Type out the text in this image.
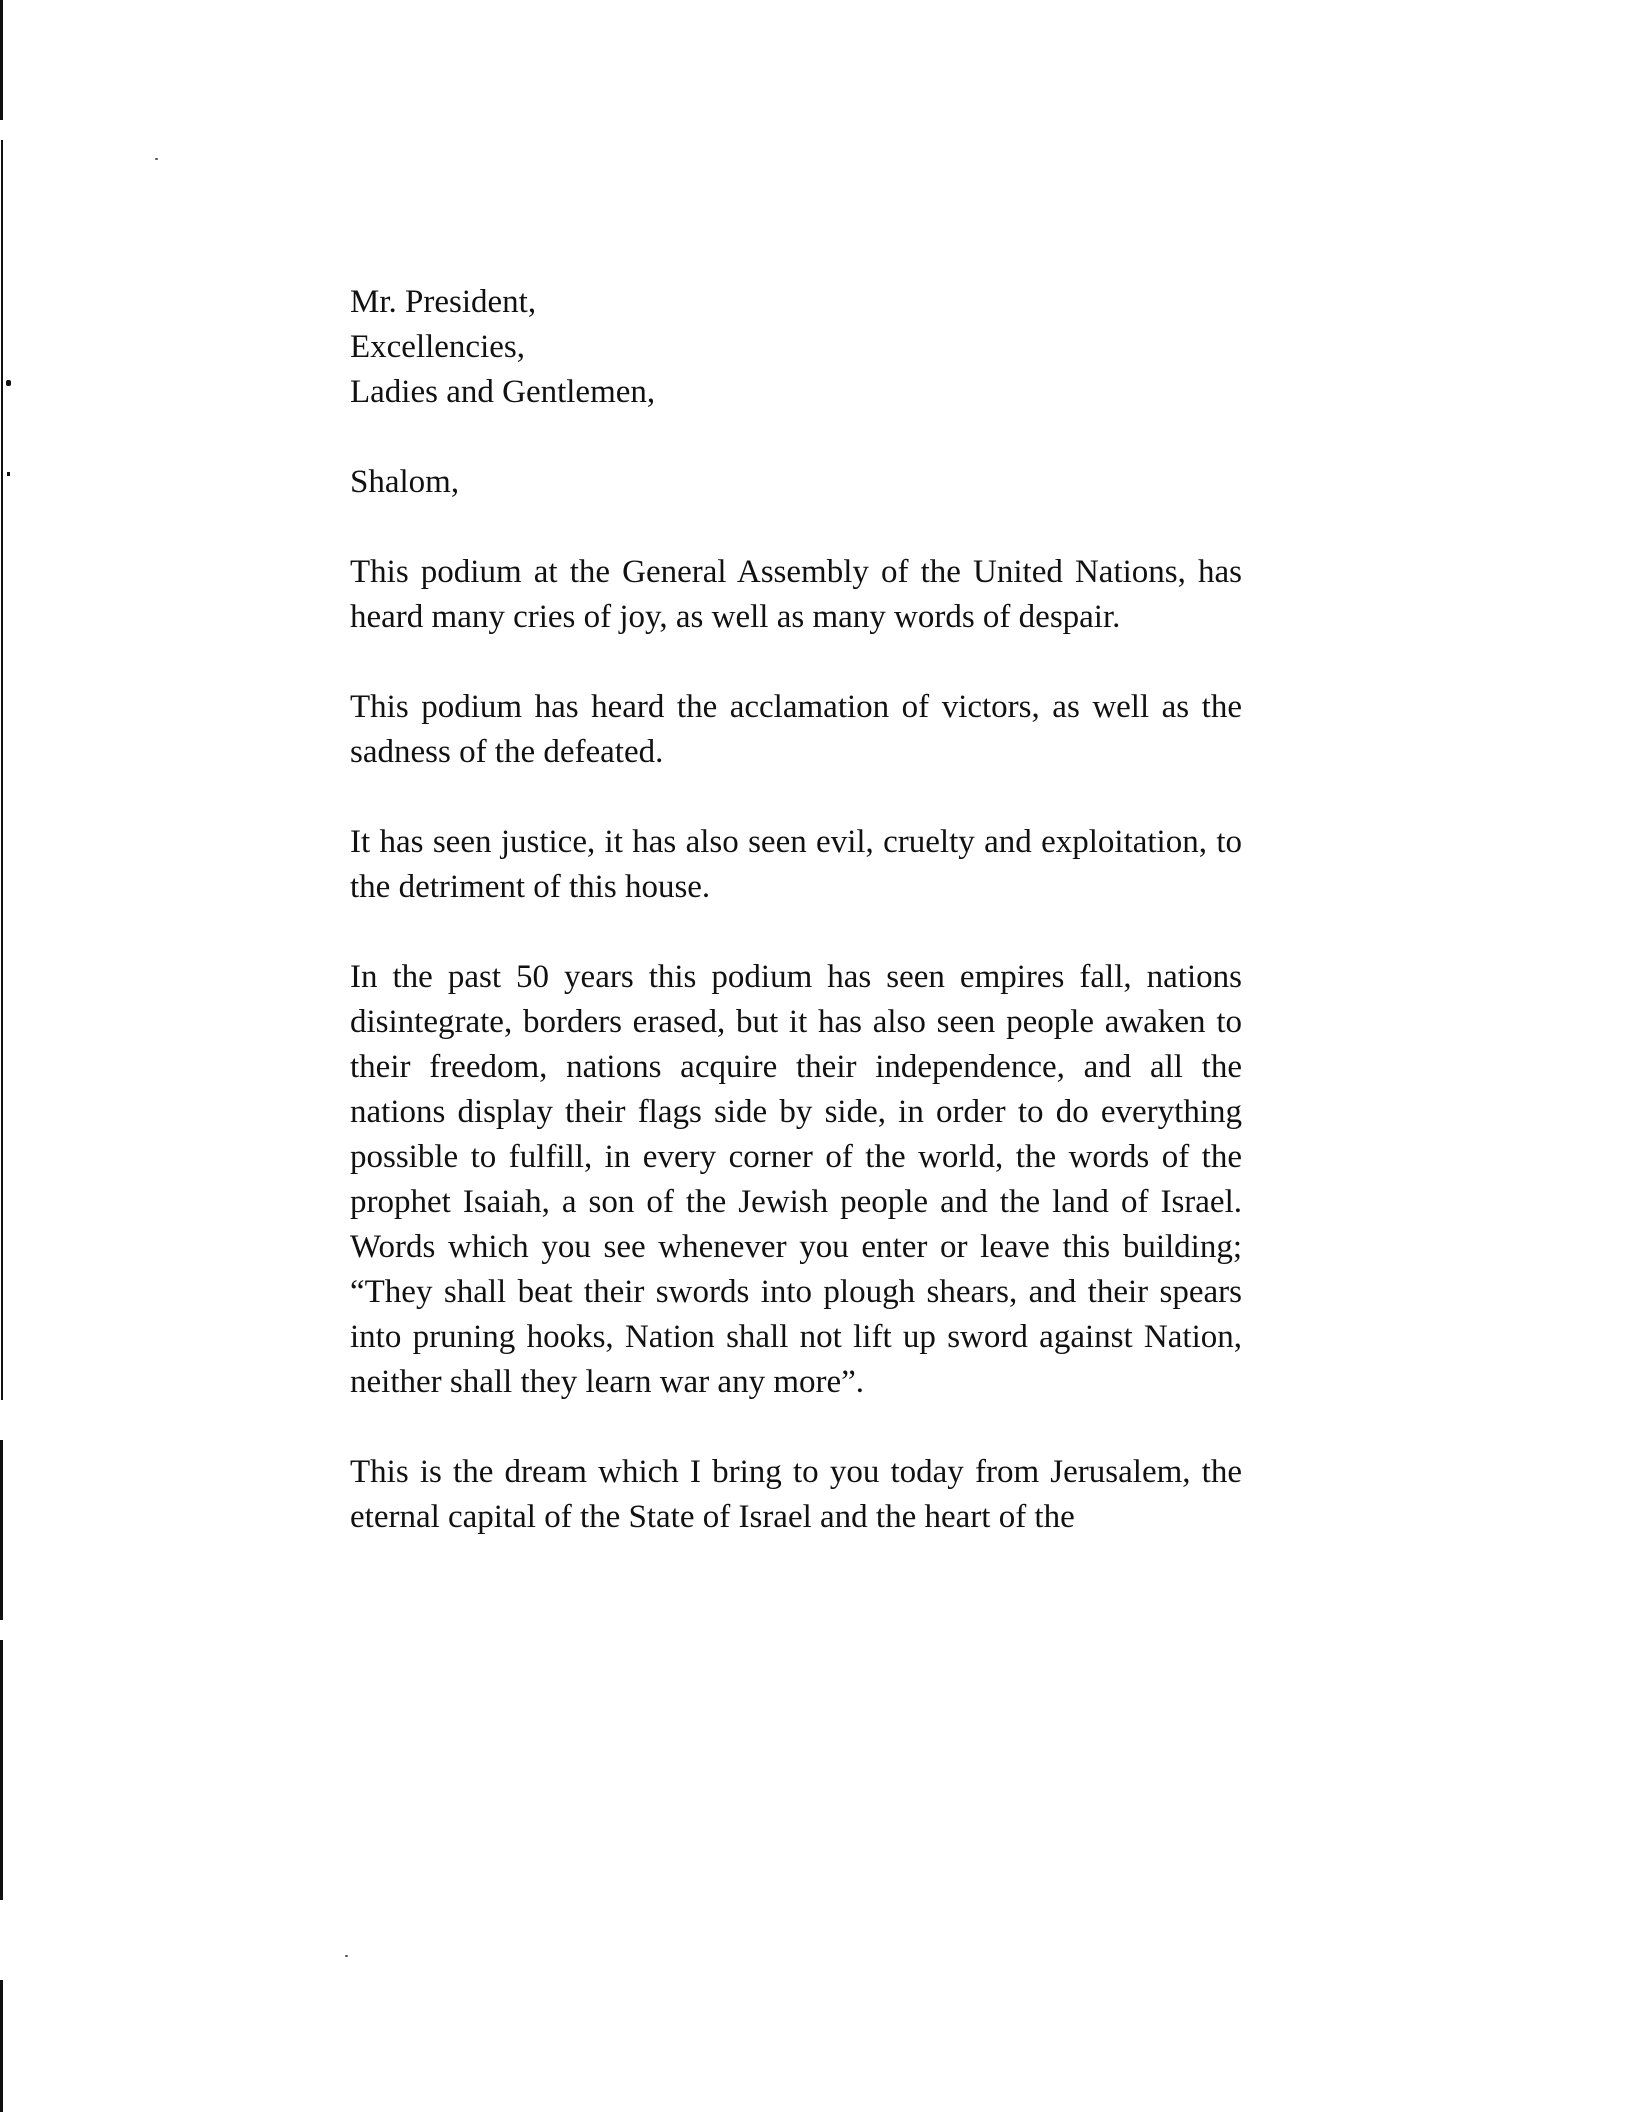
Mr. President,
Excellencies,
Ladies and Gentlemen,

Shalom,

This podium at the General Assembly of the United Nations, has heard many cries of joy, as well as many words of despair.

This podium has heard the acclamation of victors, as well as the sadness of the defeated.

It has seen justice, it has also seen evil, cruelty and exploitation, to the detriment of this house.

In the past 50 years this podium has seen empires fall, nations disintegrate, borders erased, but it has also seen people awaken to their freedom, nations acquire their independence, and all the nations display their flags side by side, in order to do everything possible to fulfill, in every corner of the world, the words of the prophet Isaiah, a son of the Jewish people and the land of Israel. Words which you see whenever you enter or leave this building; “They shall beat their swords into plough shears, and their spears into pruning hooks, Nation shall not lift up sword against Nation, neither shall they learn war any more”.

This is the dream which I bring to you today from Jerusalem, the eternal capital of the State of Israel and the heart of the
